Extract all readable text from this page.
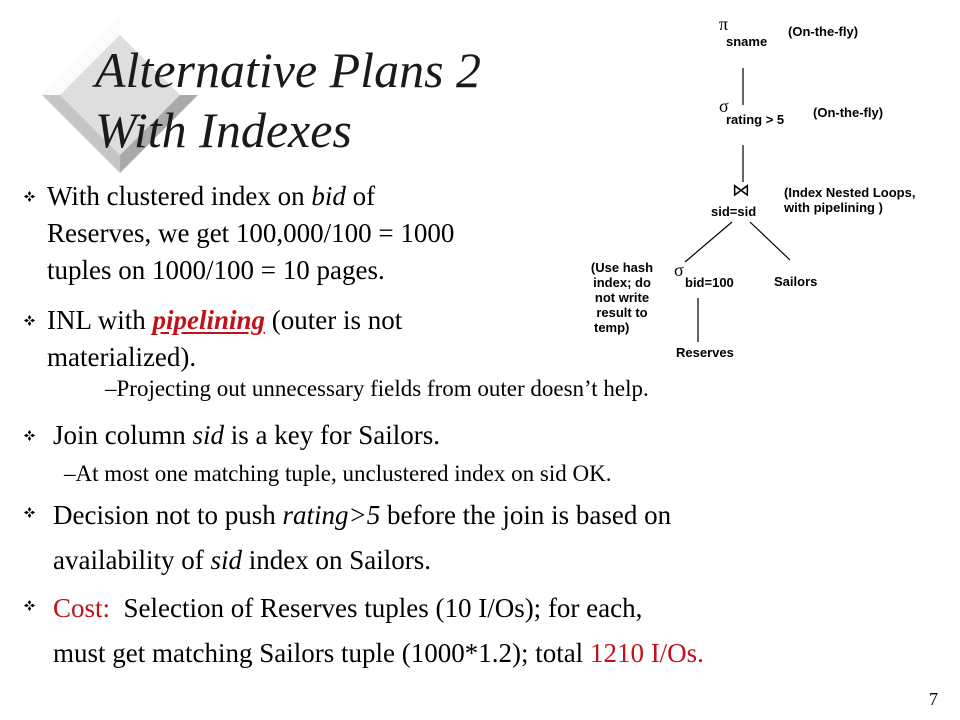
Alternative Plans 2
With Indexes
π
sname
(On-the-fly)
σ
rating > 5 (On-the-fly)
⋈
sid=sid
(Index Nested Loops,
with pipelining )
σ
bid=100
(Use hash
index; do
not write
result to
temp)
Sailors
Reserves
With clustered index on bid of
Reserves, we get 100,000/100 = 1000
tuples on 1000/100 = 10 pages.
INL with pipelining (outer is not
materialized).
–Projecting out unnecessary fields from outer doesn’t help.
Join column sid is a key for Sailors.
–At most one matching tuple, unclustered index on sid OK.
Decision not to push rating>5 before the join is based on
availability of sid index on Sailors.
Cost:  Selection of Reserves tuples (10 I/Os); for each,
must get matching Sailors tuple (1000*1.2); total 1210 I/Os.
7
